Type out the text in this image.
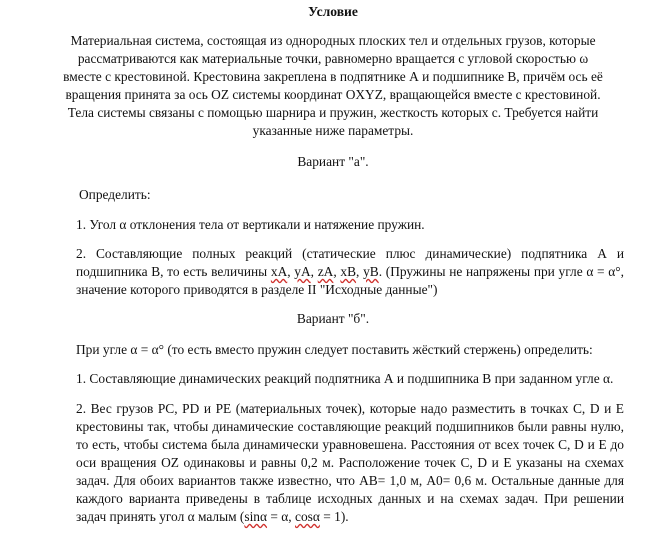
Условие

Материальная система, состоящая из однородных плоских тел и отдельных грузов, которые рассматриваются как материальные точки, равномерно вращается с угловой скоростью ω вместе с крестовиной. Крестовина закреплена в подпятнике А и подшипнике В, причём ось её вращения принята за ось OZ системы координат OXYZ, вращающейся вместе с крестовиной. Тела системы связаны с помощью шарнира и пружин, жесткость которых с. Требуется найти указанные ниже параметры.

Вариант "а".

Определить:

1. Угол α отклонения тела от вертикали и натяжение пружин.

2. Составляющие полных реакций (статические плюс динамические) подпятника А и подшипника В, то есть величины xA, yA, zA, xB, yB. (Пружины не напряжены при угле α = α°, значение которого приводятся в разделе II "Исходные данные")

Вариант "б".

При угле α = α° (то есть вместо пружин следует поставить жёсткий стержень) определить:

1. Составляющие динамических реакций подпятника А и подшипника В при заданном угле α.

2. Вес грузов PC, PD и PE (материальных точек), которые надо разместить в точках C, D и E крестовины так, чтобы динамические составляющие реакций подшипников были равны нулю, то есть, чтобы система была динамически уравновешена. Расстояния от всех точек C, D и E до оси вращения OZ одинаковы и равны 0,2 м. Расположение точек C, D и E указаны на схемах задач. Для обоих вариантов также известно, что AB= 1,0 м, A0= 0,6 м. Остальные данные для каждого варианта приведены в таблице исходных данных и на схемах задач. При решении задач принять угол α малым (sinα = α, cosα = 1).
